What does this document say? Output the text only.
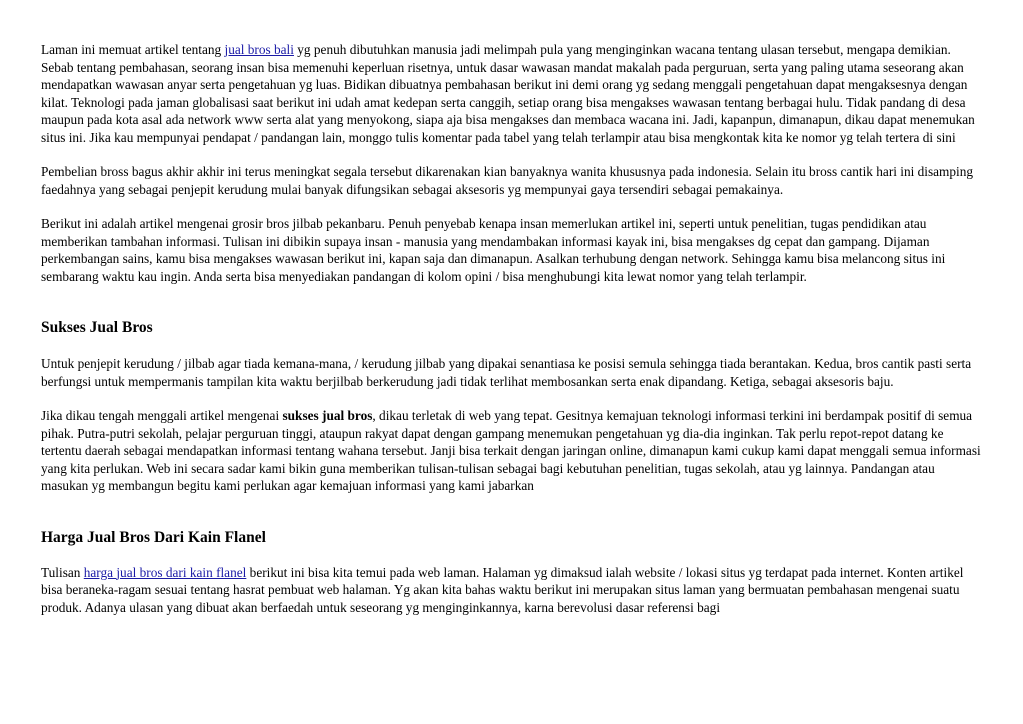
Laman ini memuat artikel tentang jual bros bali yg penuh dibutuhkan manusia jadi melimpah pula yang menginginkan wacana tentang ulasan tersebut, mengapa demikian. Sebab tentang pembahasan, seorang insan bisa memenuhi keperluan risetnya, untuk dasar wawasan mandat makalah pada perguruan, serta yang paling utama seseorang akan mendapatkan wawasan anyar serta pengetahuan yg luas. Bidikan dibuatnya pembahasan berikut ini demi orang yg sedang menggali pengetahuan dapat mengaksesnya dengan kilat. Teknologi pada jaman globalisasi saat berikut ini udah amat kedepan serta canggih, setiap orang bisa mengakses wawasan tentang berbagai hulu. Tidak pandang di desa maupun pada kota asal ada network www serta alat yang menyokong, siapa aja bisa mengakses dan membaca wacana ini. Jadi, kapanpun, dimanapun, dikau dapat menemukan situs ini. Jika kau mempunyai pendapat / pandangan lain, monggo tulis komentar pada tabel yang telah terlampir atau bisa mengkontak kita ke nomor yg telah tertera di sini

Pembelian bross bagus akhir akhir ini terus meningkat segala tersebut dikarenakan kian banyaknya wanita khususnya pada indonesia. Selain itu bross cantik hari ini disamping faedahnya yang sebagai penjepit kerudung mulai banyak difungsikan sebagai aksesoris yg mempunyai gaya tersendiri sebagai pemakainya.

Berikut ini adalah artikel mengenai grosir bros jilbab pekanbaru. Penuh penyebab kenapa insan memerlukan artikel ini, seperti untuk penelitian, tugas pendidikan atau memberikan tambahan informasi. Tulisan ini dibikin supaya insan - manusia yang mendambakan informasi kayak ini, bisa mengakses dg cepat dan gampang. Dijaman perkembangan sains, kamu bisa mengakses wawasan berikut ini, kapan saja dan dimanapun. Asalkan terhubung dengan network. Sehingga kamu bisa melancong situs ini sembarang waktu kau ingin. Anda serta bisa menyediakan pandangan di kolom opini / bisa menghubungi kita lewat nomor yang telah terlampir.

Sukses Jual Bros

Untuk penjepit kerudung / jilbab agar tiada kemana-mana, / kerudung jilbab yang dipakai senantiasa ke posisi semula sehingga tiada berantakan. Kedua, bros cantik pasti serta berfungsi untuk mempermanis tampilan kita waktu berjilbab berkerudung jadi tidak terlihat membosankan serta enak dipandang. Ketiga, sebagai aksesoris baju.

Jika dikau tengah menggali artikel mengenai sukses jual bros, dikau terletak di web yang tepat. Gesitnya kemajuan teknologi informasi terkini ini berdampak positif di semua pihak. Putra-putri sekolah, pelajar perguruan tinggi, ataupun rakyat dapat dengan gampang menemukan pengetahuan yg dia-dia inginkan. Tak perlu repot-repot datang ke tertentu daerah sebagai mendapatkan informasi tentang wahana tersebut. Janji bisa terkait dengan jaringan online, dimanapun kami cukup kami dapat menggali semua informasi yang kita perlukan. Web ini secara sadar kami bikin guna memberikan tulisan-tulisan sebagai bagi kebutuhan penelitian, tugas sekolah, atau yg lainnya. Pandangan atau masukan yg membangun begitu kami perlukan agar kemajuan informasi yang kami jabarkan

Harga Jual Bros Dari Kain Flanel

Tulisan harga jual bros dari kain flanel berikut ini bisa kita temui pada web laman. Halaman yg dimaksud ialah website / lokasi situs yg terdapat pada internet. Konten artikel bisa beraneka-ragam sesuai tentang hasrat pembuat web halaman. Yg akan kita bahas waktu berikut ini merupakan situs laman yang bermuatan pembahasan mengenai suatu produk. Adanya ulasan yang dibuat akan berfaedah untuk seseorang yg menginginkannya, karna berevolusi dasar referensi bagi
